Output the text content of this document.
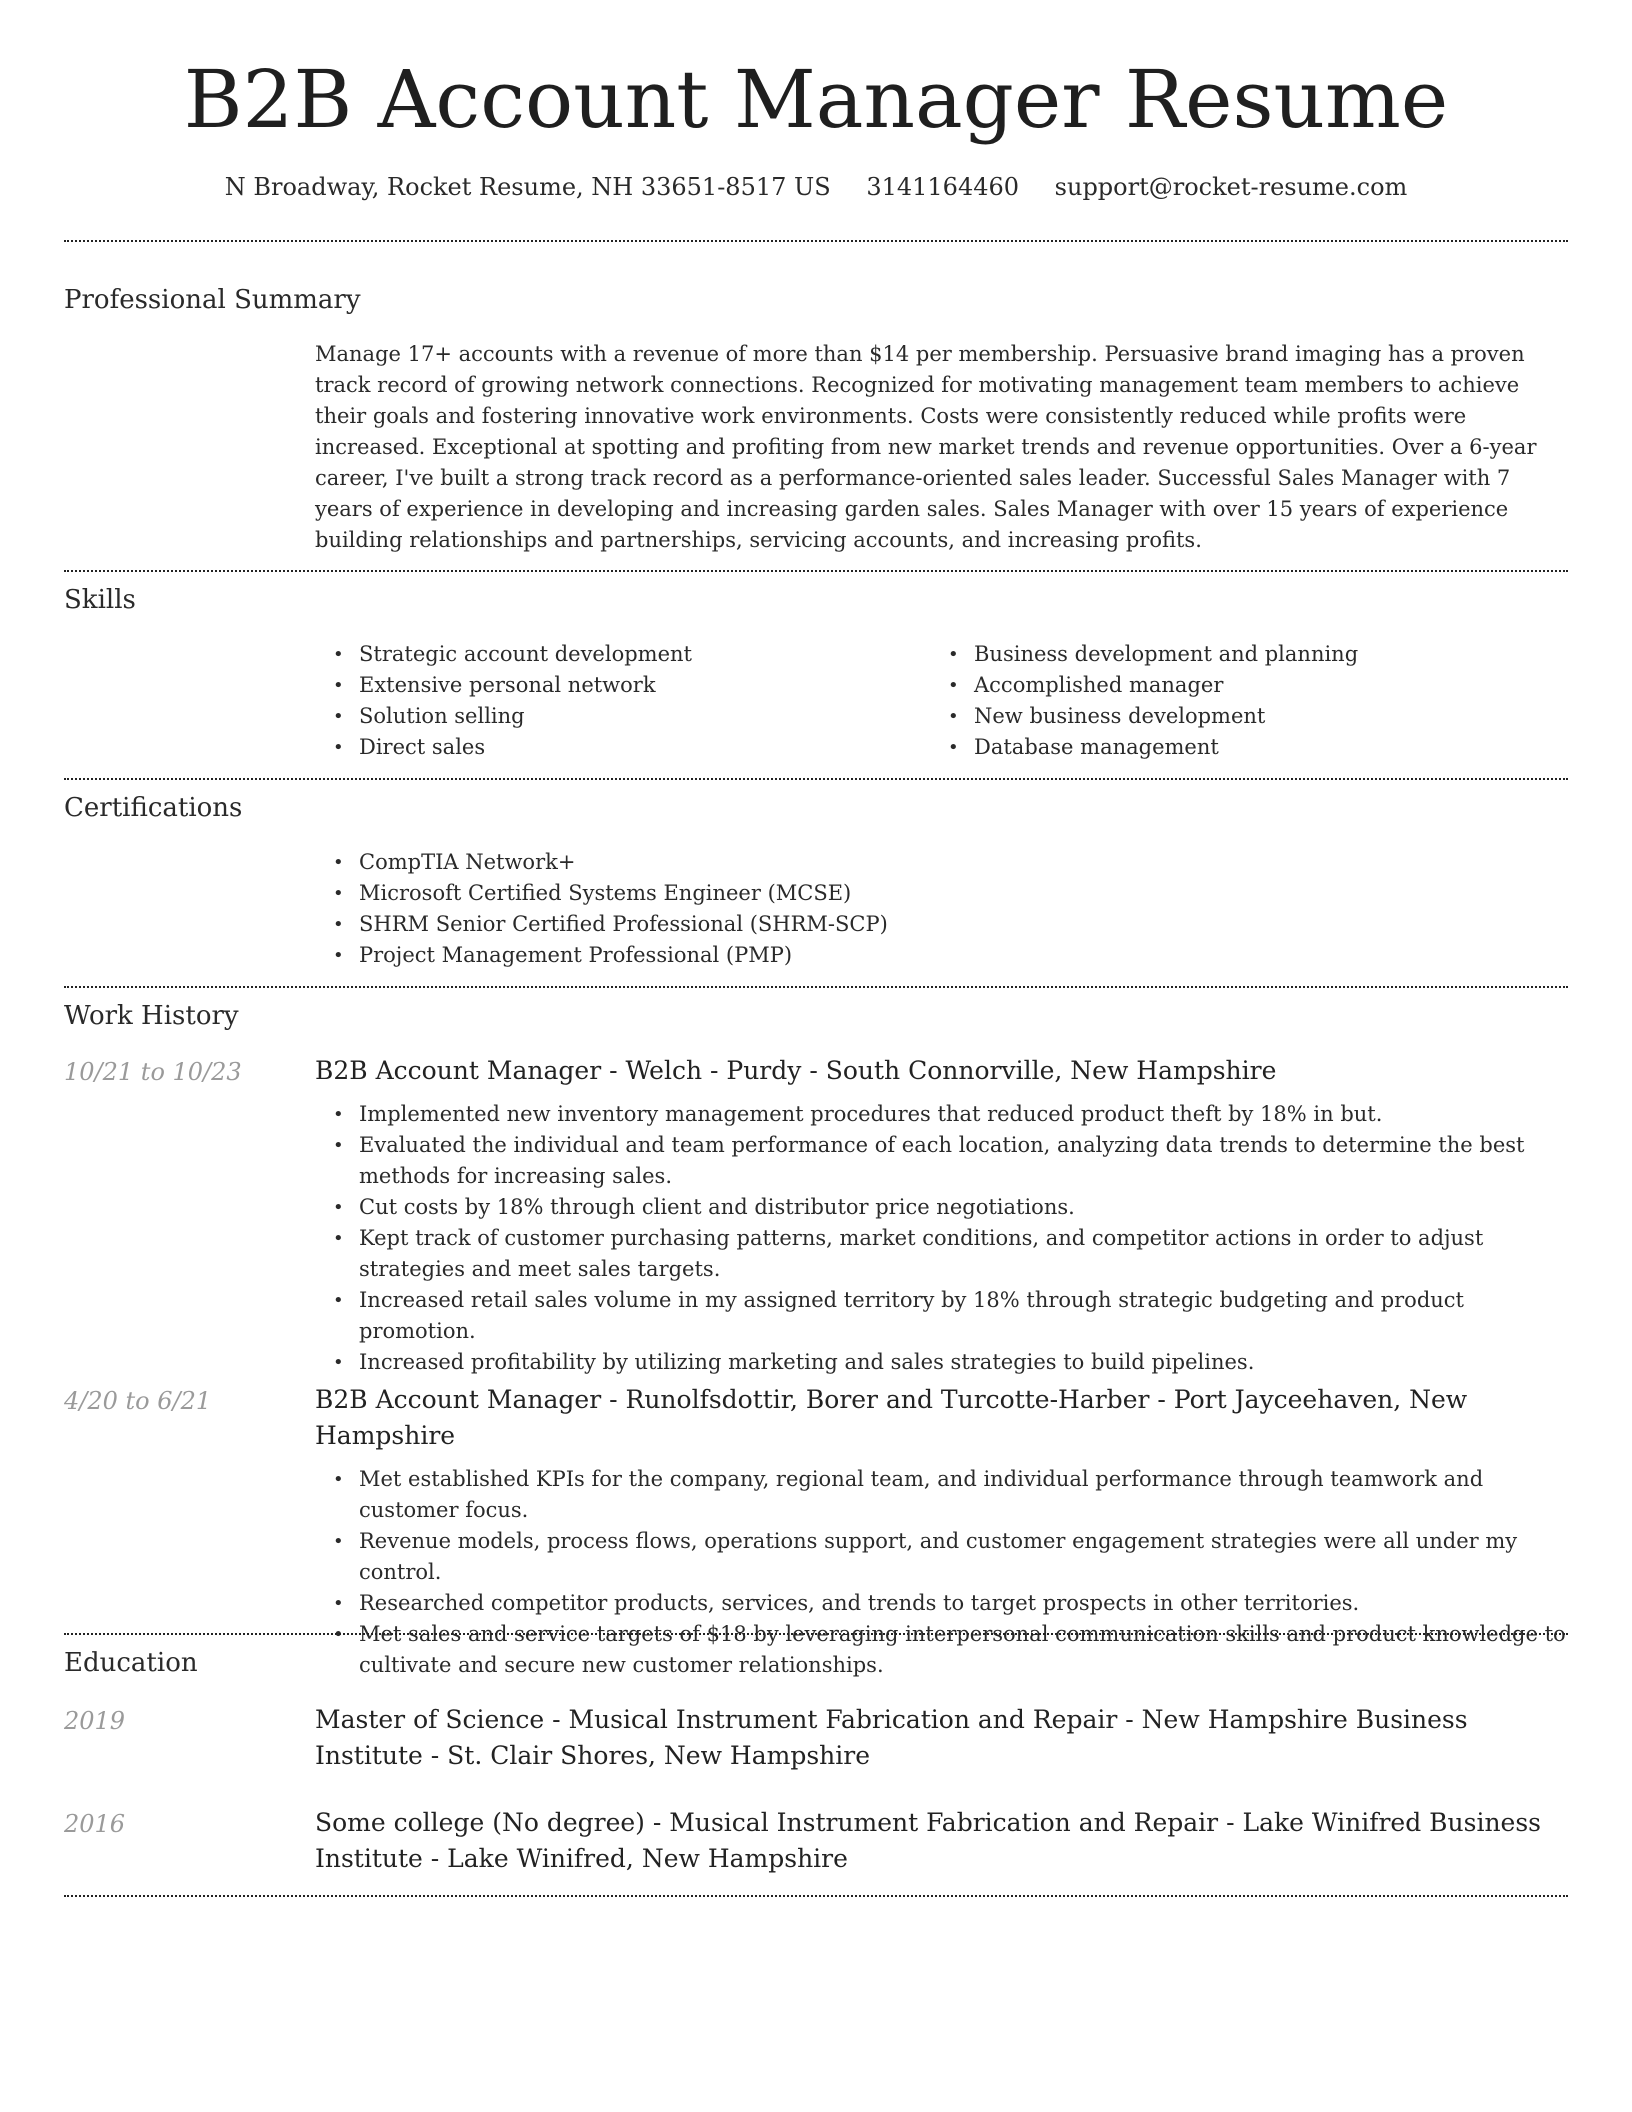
B2B Account Manager Resume
N Broadway, Rocket Resume, NH 33651-8517 US 3141164460 support@rocket-resume.com
Professional Summary

Manage 17+ accounts with a revenue of more than $14 per membership. Persuasive brand imaging has a proven track record of growing network connections. Recognized for motivating management team members to achieve their goals and fostering innovative work environments. Costs were consistently reduced while profits were increased. Exceptional at spotting and profiting from new market trends and revenue opportunities. Over a 6-year career, I've built a strong track record as a performance-oriented sales leader. Successful Sales Manager with 7 years of experience in developing and increasing garden sales. Sales Manager with over 15 years of experience building relationships and partnerships, servicing accounts, and increasing profits.

Skills
• Strategic account development
• Extensive personal network
• Solution selling
• Direct sales
• Business development and planning
• Accomplished manager
• New business development
• Database management
Certifications
• CompTIA Network+
• Microsoft Certified Systems Engineer (MCSE)
• SHRM Senior Certified Professional (SHRM-SCP)
• Project Management Professional (PMP)
Work History
10/21 to 10/23	B2B Account Manager - Welch - Purdy - South Connorville, New Hampshire

• Implemented new inventory management procedures that reduced product theft by 18% in but.
• Evaluated the individual and team performance of each location, analyzing data trends to determine the best methods for increasing sales.
• Cut costs by 18% through client and distributor price negotiations.
• Kept track of customer purchasing patterns, market conditions, and competitor actions in order to adjust strategies and meet sales targets.
• Increased retail sales volume in my assigned territory by 18% through strategic budgeting and product promotion.
• Increased profitability by utilizing marketing and sales strategies to build pipelines.
4/20 to 6/21	B2B Account Manager - Runolfsdottir, Borer and Turcotte-Harber - Port Jayceehaven, New Hampshire

• Met established KPIs for the company, regional team, and individual performance through teamwork and customer focus.
• Revenue models, process flows, operations support, and customer engagement strategies were all under my control.
• Researched competitor products, services, and trends to target prospects in other territories.
• Met sales and service targets of $18 by leveraging interpersonal communication skills and product knowledge to cultivate and secure new customer relationships.
Education
2019	Master of Science - Musical Instrument Fabrication and Repair - New Hampshire Business Institute - St. Clair Shores, New Hampshire

2016	Some college (No degree) - Musical Instrument Fabrication and Repair - Lake Winifred Business Institute - Lake Winifred, New Hampshire
